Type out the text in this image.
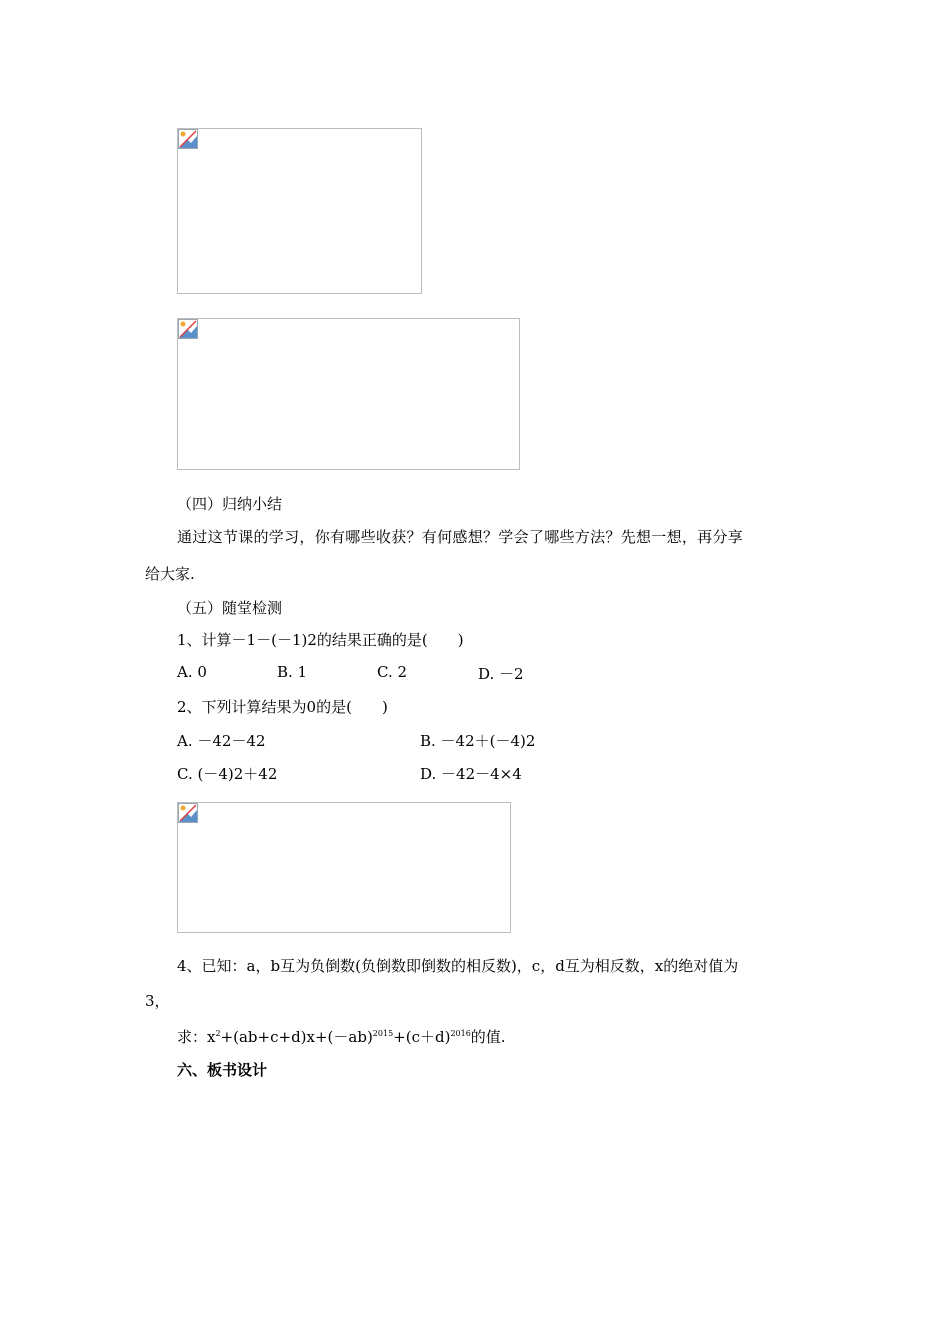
（四）归纳小结
通过这节课的学习，你有哪些收获？有何感想？学会了哪些方法？先想一想，再分享
给大家.
（五）随堂检测
1、计算－1－(－1)2的结果正确的是(　　)
A. 0	B. 1	C. 2	D. －2
2、下列计算结果为0的是(　　)
A. －42－42	B. －42＋(－4)2
C. (－4)2＋42	D. －42－4×4
4、已知：a，b互为负倒数(负倒数即倒数的相反数)，c，d互为相反数，x的绝对值为
3，
求：$x^2+(ab+c+d)x+(-ab)^{2015}+(c+d)^{2016}$的值.
六、板书设计
